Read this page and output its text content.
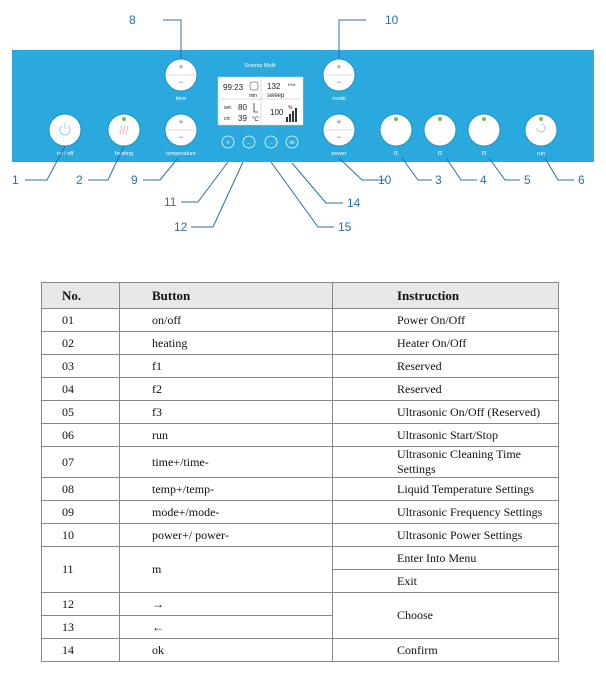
Scientz Multi
99:23
min
132 KHz
sweep
set: 80
crt: 39 °C
100 %
+
−
time
+
−
mode
+
−
temperature
+
−
power
on / off	heating	f1	f2	f3	run
x	←	→	ok
8	10
1	2	9	10	3	4	5	6
11
12
14
15
No.	Button	Instruction
01	on/off	Power On/Off
02	heating	Heater On/Off
03	f1	Reserved
04	f2	Reserved
05	f3	Ultrasonic On/Off (Reserved)
06	run	Ultrasonic Start/Stop
07	time+/time-	Ultrasonic Cleaning Time Settings
08	temp+/temp-	Liquid Temperature Settings
09	mode+/mode-	Ultrasonic Frequency Settings
10	power+/ power-	Ultrasonic Power Settings
11	m	Enter Into Menu
		Exit
12	→	Choose
13	←	
14	ok	Confirm
